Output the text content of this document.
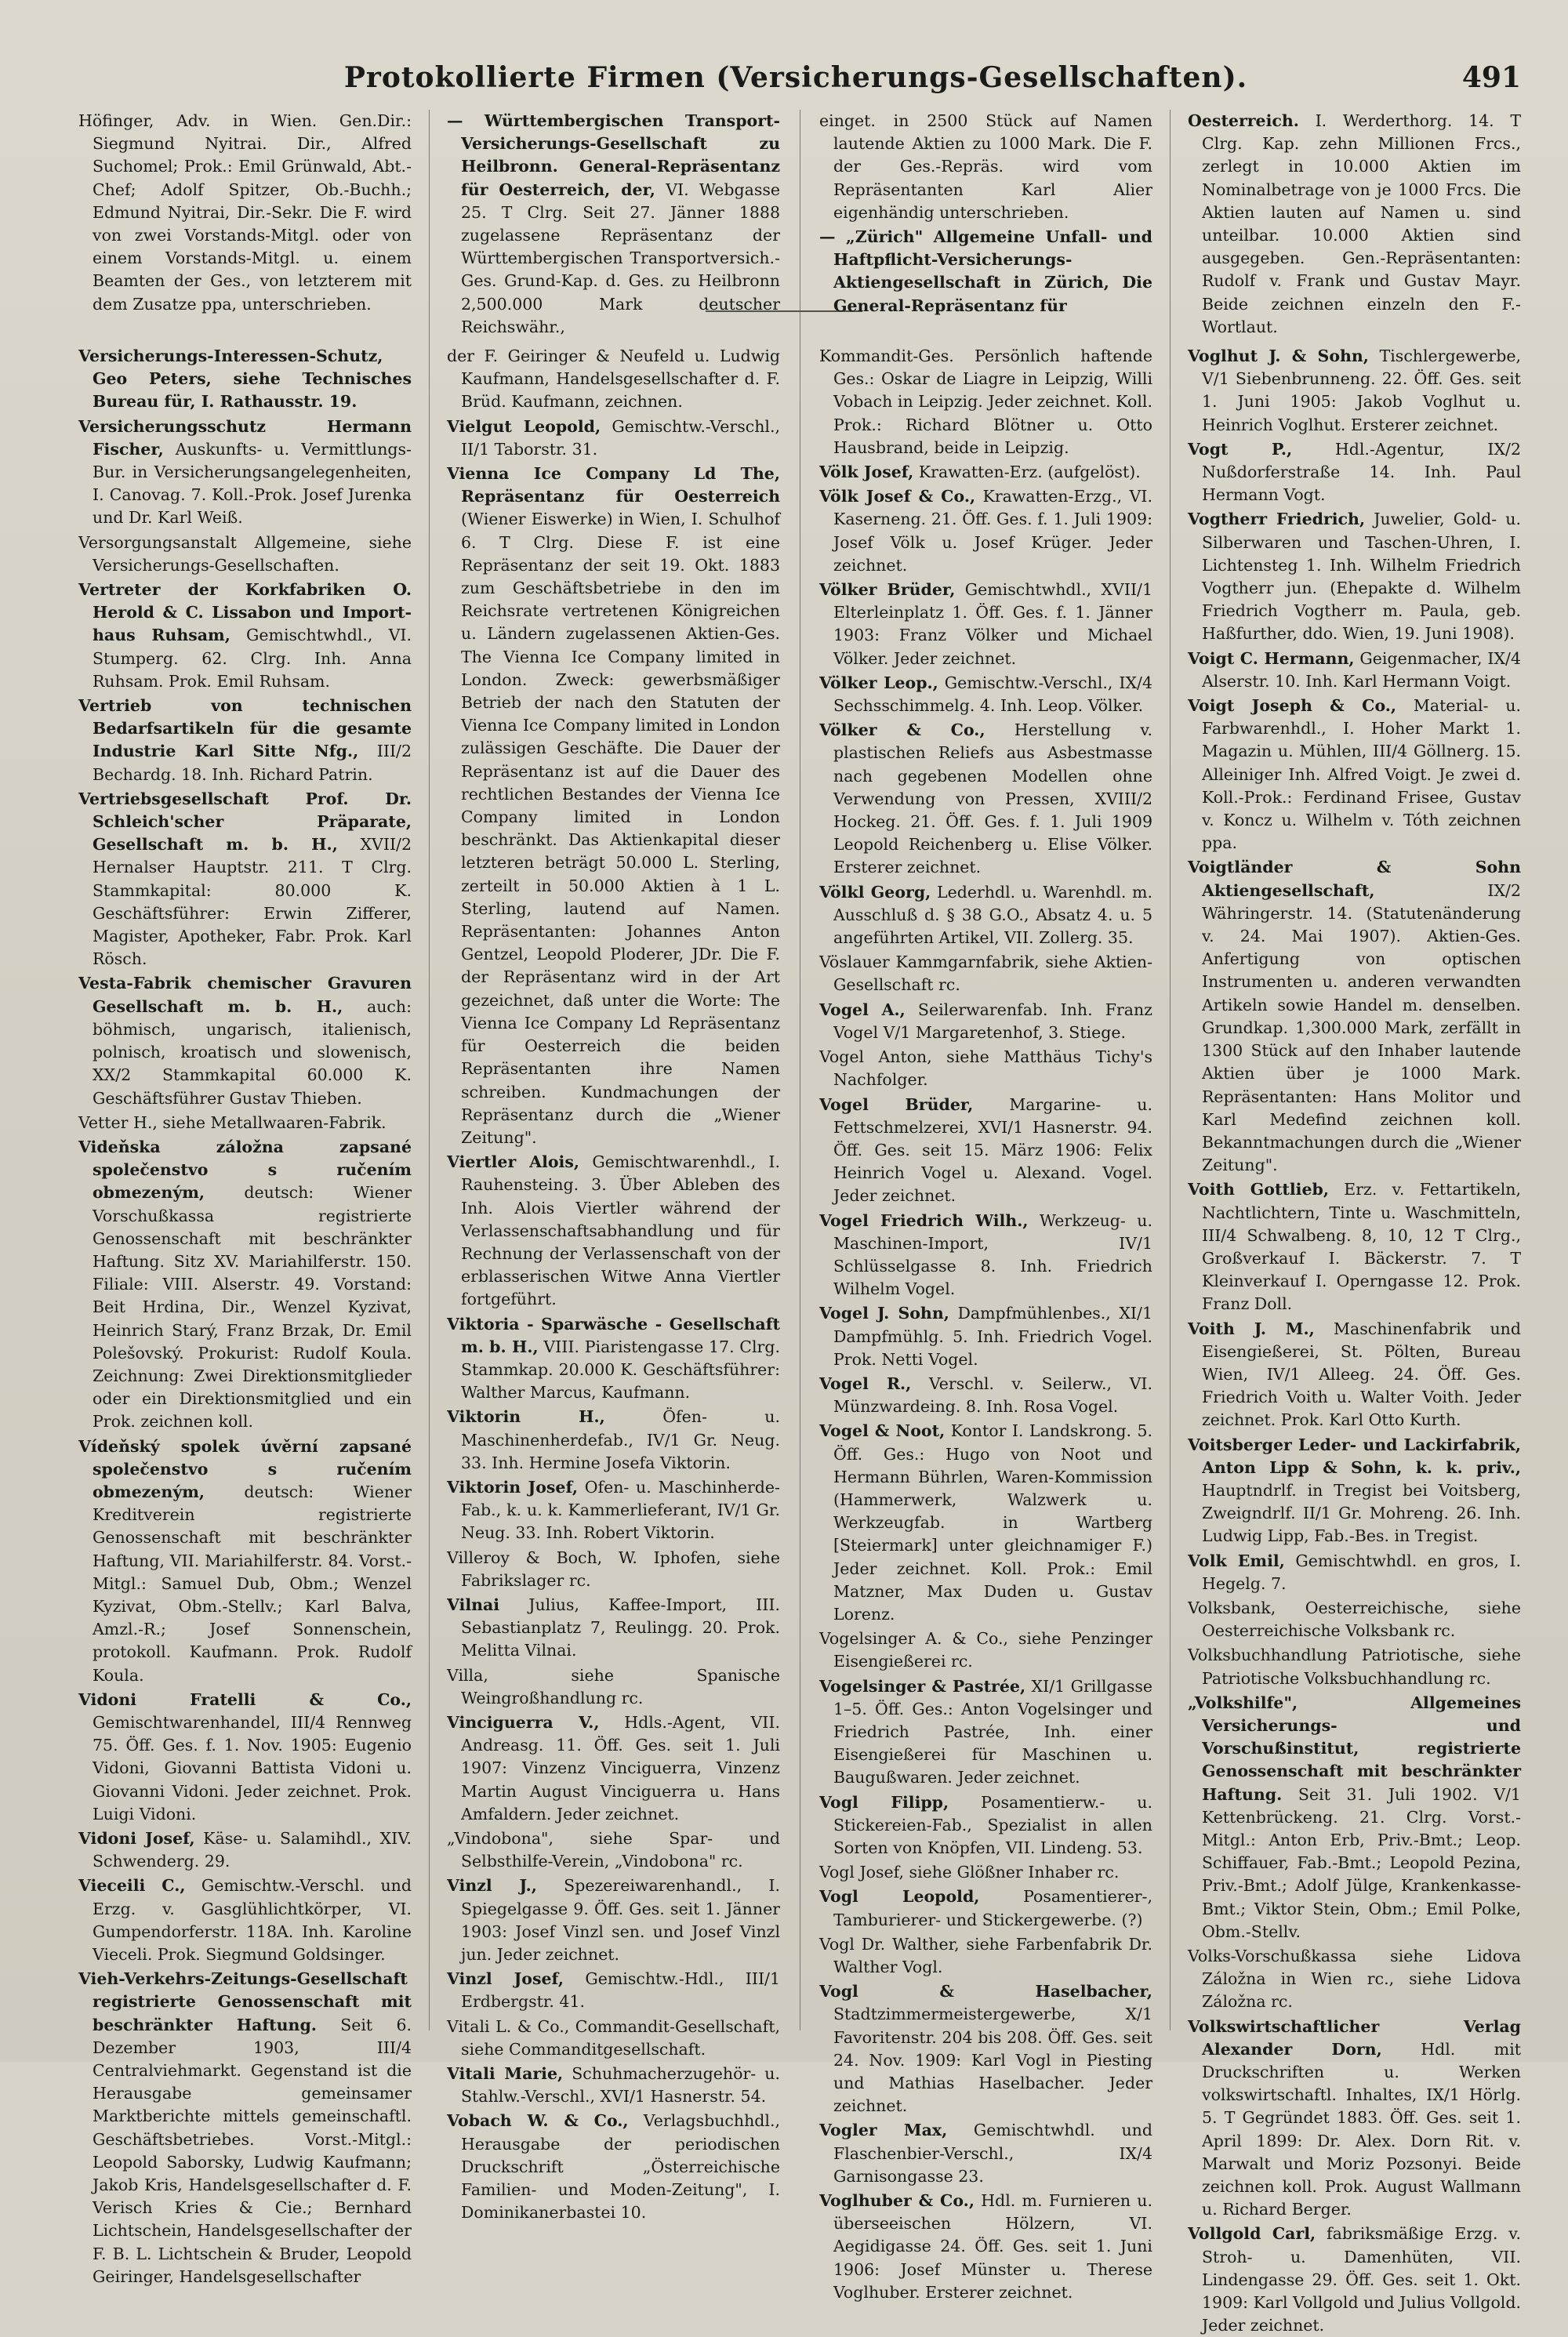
Protokollierte Firmen (Versicherungs-Gesellschaften).	491

Höfinger, Adv. in Wien. Gen.Dir.: Siegmund Nyitrai. Dir., Alfred Suchomel; Prok.: Emil Grünwald, Abt.-Chef; Adolf Spitzer, Ob.-Buchh.; Edmund Nyitrai, Dir.-Sekr. Die F. wird von zwei Vorstands-Mitgl. oder von einem Vorstands-Mitgl. u. einem Beamten der Ges., von letzterem mit dem Zusatze ppa, unterschrieben.

— Württembergischen Transport-Versicherungs-Gesellschaft zu Heilbronn. General-Repräsentanz für Oesterreich, der, VI. Webgasse 25. T Clrg. Seit 27. Jänner 1888 zugelassene Repräsentanz der Württembergischen Transportversich.-Ges. Grund-Kap. d. Ges. zu Heilbronn 2,500.000 Mark deutscher Reichswähr.,

einget. in 2500 Stück auf Namen lautende Aktien zu 1000 Mark. Die F. der Ges.-Repräs. wird vom Repräsentanten Karl Alier eigenhändig unterschrieben.

— „Zürich" Allgemeine Unfall- und Haftpflicht-Versicherungs-Aktiengesellschaft in Zürich, Die General-Repräsentanz für

Oesterreich. I. Werderthorg. 14. T Clrg. Kap. zehn Millionen Frcs., zerlegt in 10.000 Aktien im Nominalbetrage von je 1000 Frcs. Die Aktien lauten auf Namen u. sind unteilbar. 10.000 Aktien sind ausgegeben. Gen.-Repräsentanten: Rudolf v. Frank und Gustav Mayr. Beide zeichnen einzeln den F.-Wortlaut.

Versicherungs-Interessen-Schutz, Geo Peters, siehe Technisches Bureau für, I. Rathausstr. 19.

Versicherungsschutz Hermann Fischer, Auskunfts- u. Vermittlungs-Bur. in Versicherungsangelegenheiten, I. Canovag. 7. Koll.-Prok. Josef Jurenka und Dr. Karl Weiß.

Versorgungsanstalt Allgemeine, siehe Versicherungs-Gesellschaften.

Vertreter der Korkfabriken O. Herold & C. Lissabon und Import-haus Ruhsam, Gemischtwhdl., VI. Stumperg. 62. Clrg. Inh. Anna Ruhsam. Prok. Emil Ruhsam.

Vertrieb von technischen Bedarfsartikeln für die gesamte Industrie Karl Sitte Nfg., III/2 Bechardg. 18. Inh. Richard Patrin.

Vertriebsgesellschaft Prof. Dr. Schleich'scher Präparate, Gesellschaft m. b. H., XVII/2 Hernalser Hauptstr. 211. T Clrg. Stammkapital: 80.000 K. Geschäftsführer: Erwin Zifferer, Magister, Apotheker, Fabr. Prok. Karl Rösch.

Vesta-Fabrik chemischer Gravuren Gesellschaft m. b. H., auch: böhmisch, ungarisch, italienisch, polnisch, kroatisch und slowenisch, XX/2 Stammkapital 60.000 K. Geschäftsführer Gustav Thieben.

Vetter H., siehe Metallwaaren-Fabrik.

Videňska záložna zapsané společenstvo s ručením obmezeným, deutsch: Wiener Vorschußkassa registrierte Genossenschaft mit beschränkter Haftung. Sitz XV. Mariahilferstr. 150. Filiale: VIII. Alserstr. 49. Vorstand: Beit Hrdina, Dir., Wenzel Kyzivat, Heinrich Starý, Franz Brzak, Dr. Emil Polešovský. Prokurist: Rudolf Koula. Zeichnung: Zwei Direktionsmitglieder oder ein Direktionsmitglied und ein Prok. zeichnen koll.

Vídeňský spolek úvěrní zapsané společenstvo s ručením obmezeným, deutsch: Wiener Kreditverein registrierte Genossenschaft mit beschränkter Haftung, VII. Mariahilferstr. 84. Vorst.-Mitgl.: Samuel Dub, Obm.; Wenzel Kyzivat, Obm.-Stellv.; Karl Balva, Amzl.-R.; Josef Sonnenschein, protokoll. Kaufmann. Prok. Rudolf Koula.

Vidoni Fratelli & Co., Gemischtwarenhandel, III/4 Rennweg 75. Öff. Ges. f. 1. Nov. 1905: Eugenio Vidoni, Giovanni Battista Vidoni u. Giovanni Vidoni. Jeder zeichnet. Prok. Luigi Vidoni.

Vidoni Josef, Käse- u. Salamihdl., XIV. Schwenderg. 29.

Vieceili C., Gemischtw.-Verschl. und Erzg. v. Gasglühlichtkörper, VI. Gumpendorferstr. 118A. Inh. Karoline Vieceli. Prok. Siegmund Goldsinger.

Vieh-Verkehrs-Zeitungs-Gesellschaft registrierte Genossenschaft mit beschränkter Haftung. Seit 6. Dezember 1903, III/4 Centralviehmarkt. Gegenstand ist die Herausgabe gemeinsamer Marktberichte mittels gemeinschaftl. Geschäftsbetriebes. Vorst.-Mitgl.: Leopold Saborsky, Ludwig Kaufmann; Jakob Kris, Handelsgesellschafter d. F. Verisch Kries & Cie.; Bernhard Lichtschein, Handelsgesellschafter der F. B. L. Lichtschein & Bruder, Leopold Geiringer, Handelsgesellschafter

der F. Geiringer & Neufeld u. Ludwig Kaufmann, Handelsgesellschafter d. F. Brüd. Kaufmann, zeichnen.

Vielgut Leopold, Gemischtw.-Verschl., II/1 Taborstr. 31.

Vienna Ice Company Ld The, Repräsentanz für Oesterreich (Wiener Eiswerke) in Wien, I. Schulhof 6. T Clrg. Diese F. ist eine Repräsentanz der seit 19. Okt. 1883 zum Geschäftsbetriebe in den im Reichsrate vertretenen Königreichen u. Ländern zugelassenen Aktien-Ges. The Vienna Ice Company limited in London. Zweck: gewerbsmäßiger Betrieb der nach den Statuten der Vienna Ice Company limited in London zulässigen Geschäfte. Die Dauer der Repräsentanz ist auf die Dauer des rechtlichen Bestandes der Vienna Ice Company limited in London beschränkt. Das Aktienkapital dieser letzteren beträgt 50.000 L. Sterling, zerteilt in 50.000 Aktien à 1 L. Sterling, lautend auf Namen. Repräsentanten: Johannes Anton Gentzel, Leopold Ploderer, JDr. Die F. der Repräsentanz wird in der Art gezeichnet, daß unter die Worte: The Vienna Ice Company Ld Repräsentanz für Oesterreich die beiden Repräsentanten ihre Namen schreiben. Kundmachungen der Repräsentanz durch die „Wiener Zeitung".

Viertler Alois, Gemischtwarenhdl., I. Rauhensteing. 3. Über Ableben des Inh. Alois Viertler während der Verlassenschaftsabhandlung und für Rechnung der Verlassenschaft von der erblasserischen Witwe Anna Viertler fortgeführt.

Viktoria - Sparwäsche - Gesellschaft m. b. H., VIII. Piaristengasse 17. Clrg. Stammkap. 20.000 K. Geschäftsführer: Walther Marcus, Kaufmann.

Viktorin H.,	Öfen- u. Maschinenherdefab., IV/1 Gr. Neug. 33. Inh. Hermine Josefa Viktorin.

Viktorin Josef, Ofen- u. Maschinherde-Fab., k. u. k. Kammerlieferant, IV/1 Gr. Neug. 33. Inh. Robert Viktorin.

Villeroy & Boch, W. Iphofen, siehe Fabrikslager rc.

Vilnai Julius, Kaffee-Import, III. Sebastianplatz 7, Reulingg. 20. Prok. Melitta Vilnai.

Villa, siehe Spanische Weingroßhandlung rc.

Vinciguerra V., Hdls.-Agent, VII. Andreasg. 11. Öff. Ges. seit 1. Juli 1907: Vinzenz Vinciguerra, Vinzenz Martin August Vinciguerra u. Hans Amfaldern. Jeder zeichnet.

„Vindobona", siehe Spar- und Selbsthilfe-Verein, „Vindobona" rc.

Vinzl J., Spezereiwarenhandl., I. Spiegelgasse 9. Öff. Ges. seit 1. Jänner 1903: Josef Vinzl sen. und Josef Vinzl jun. Jeder zeichnet.

Vinzl Josef, Gemischtw.-Hdl., III/1 Erdbergstr. 41.

Vitali L. & Co., Commandit-Gesellschaft, siehe Commanditgesellschaft.

Vitali Marie, Schuhmacherzugehör- u. Stahlw.-Verschl., XVI/1 Hasnerstr. 54.

Vobach W. & Co., Verlagsbuchhdl., Herausgabe der periodischen Druckschrift „Österreichische Familien- und Moden-Zeitung", I. Dominikanerbastei 10.

Kommandit-Ges. Persönlich haftende Ges.: Oskar de Liagre in Leipzig, Willi Vobach in Leipzig. Jeder zeichnet. Koll. Prok.: Richard Blötner u. Otto Hausbrand, beide in Leipzig.

Völk Josef, Krawatten-Erz. (aufgelöst).

Völk Josef & Co., Krawatten-Erzg., VI. Kaserneng. 21. Öff. Ges. f. 1. Juli 1909: Josef Völk u. Josef Krüger. Jeder zeichnet.

Völker Brüder, Gemischtwhdl., XVII/1 Elterleinplatz 1. Öff. Ges. f. 1. Jänner 1903: Franz Völker und Michael Völker. Jeder zeichnet.

Völker Leop., Gemischtw.-Verschl., IX/4 Sechsschimmelg. 4. Inh. Leop. Völker.

Völker & Co., Herstellung v. plastischen Reliefs aus Asbestmasse nach gegebenen Modellen ohne Verwendung von Pressen, XVIII/2 Hockeg. 21. Öff. Ges. f. 1. Juli 1909 Leopold Reichenberg u. Elise Völker. Ersterer zeichnet.

Völkl Georg, Lederhdl. u. Warenhdl. m. Ausschluß d. § 38 G.O., Absatz 4. u. 5 angeführten Artikel, VII. Zollerg. 35.

Vöslauer Kammgarnfabrik, siehe Aktien-Gesellschaft rc.

Vogel A., Seilerwarenfab. Inh. Franz Vogel V/1 Margaretenhof, 3. Stiege.

Vogel Anton, siehe Matthäus Tichy's Nachfolger.

Vogel Brüder, Margarine- u. Fettschmelzerei, XVI/1 Hasnerstr. 94. Öff. Ges. seit 15. März 1906: Felix Heinrich Vogel u. Alexand. Vogel. Jeder zeichnet.

Vogel Friedrich Wilh., Werkzeug- u. Maschinen-Import, IV/1 Schlüsselgasse 8. Inh. Friedrich Wilhelm Vogel.

Vogel J. Sohn, Dampfmühlenbes., XI/1 Dampfmühlg. 5. Inh. Friedrich Vogel. Prok. Netti Vogel.

Vogel R., Verschl. v. Seilerw., VI. Münzwardeing. 8. Inh. Rosa Vogel.

Vogel & Noot, Kontor I. Landskrong. 5. Öff. Ges.: Hugo von Noot und Hermann Bührlen, Waren-Kommission (Hammerwerk, Walzwerk u. Werkzeugfab. in Wartberg [Steiermark] unter gleichnamiger F.) Jeder zeichnet. Koll. Prok.: Emil Matzner, Max Duden u. Gustav Lorenz.

Vogelsinger A. & Co., siehe Penzinger Eisengießerei rc.

Vogelsinger & Pastrée, XI/1 Grillgasse 1–5. Öff. Ges.: Anton Vogelsinger und Friedrich Pastrée, Inh. einer Eisengießerei für Maschinen u. Baugußwaren. Jeder zeichnet.

Vogl Filipp, Posamentierw.- u. Stickereien-Fab., Spezialist in allen Sorten von Knöpfen, VII. Lindeng. 53.

Vogl Josef, siehe Glößner Inhaber rc.

Vogl Leopold,	Posamentierer-, Tamburierer- und Stickergewerbe. (?)

Vogl Dr. Walther, siehe Farbenfabrik Dr. Walther Vogl.

Vogl & Haselbacher, Stadtzimmermeistergewerbe, X/1 Favoritenstr. 204 bis 208. Öff. Ges. seit 24. Nov. 1909: Karl Vogl in Piesting und Mathias Haselbacher. Jeder zeichnet.

Vogler Max, Gemischtwhdl. und Flaschenbier-Verschl., IX/4 Garnisongasse 23.

Voglhuber & Co., Hdl. m. Furnieren u. überseeischen Hölzern, VI. Aegidigasse 24. Öff. Ges. seit 1. Juni 1906: Josef Münster u. Therese Voglhuber. Ersterer zeichnet.

Voglhut J. & Sohn, Tischlergewerbe, V/1 Siebenbrunneng. 22. Öff. Ges. seit 1. Juni 1905: Jakob Voglhut u. Heinrich Voglhut. Ersterer zeichnet.

Vogt P.,	Hdl.-Agentur, IX/2 Nußdorferstraße 14. Inh. Paul Hermann Vogt.

Vogtherr Friedrich, Juwelier, Gold- u. Silberwaren und Taschen-Uhren, I. Lichtensteg 1. Inh. Wilhelm Friedrich Vogtherr jun. (Ehepakte d. Wilhelm Friedrich Vogtherr m. Paula, geb. Haßfurther, ddo. Wien, 19. Juni 1908).

Voigt C. Hermann, Geigenmacher, IX/4 Alserstr. 10. Inh. Karl Hermann Voigt.

Voigt Joseph & Co., Material- u. Farbwarenhdl., I. Hoher Markt 1. Magazin u. Mühlen, III/4 Göllnerg. 15. Alleiniger Inh. Alfred Voigt. Je zwei d. Koll.-Prok.: Ferdinand Frisee, Gustav v. Koncz u. Wilhelm v. Tóth zeichnen ppa.

Voigtländer & Sohn Aktiengesellschaft,	IX/2 Währingerstr. 14. (Statutenänderung v. 24. Mai 1907). Aktien-Ges. Anfertigung von optischen Instrumenten u. anderen verwandten Artikeln sowie Handel m. denselben. Grundkap. 1,300.000 Mark, zerfällt in 1300 Stück auf den Inhaber lautende Aktien über je 1000 Mark. Repräsentanten: Hans Molitor und Karl Medefind zeichnen koll. Bekanntmachungen durch die „Wiener Zeitung".

Voith Gottlieb, Erz. v. Fettartikeln, Nachtlichtern, Tinte u. Waschmitteln, III/4 Schwalbeng. 8, 10, 12 T Clrg., Großverkauf I. Bäckerstr. 7. T Kleinverkauf I. Operngasse 12. Prok. Franz Doll.

Voith J. M., Maschinenfabrik und Eisengießerei, St. Pölten, Bureau Wien, IV/1 Alleeg. 24. Öff. Ges. Friedrich Voith u. Walter Voith. Jeder zeichnet. Prok. Karl Otto Kurth.

Voitsberger Leder- und Lackirfabrik, Anton Lipp & Sohn, k. k. priv., Hauptndrlf. in Tregist bei Voitsberg, Zweigndrlf. II/1 Gr. Mohreng. 26. Inh. Ludwig Lipp, Fab.-Bes. in Tregist.

Volk Emil, Gemischtwhdl. en gros, I. Hegelg. 7.

Volksbank, Oesterreichische, siehe Oesterreichische Volksbank rc.

Volksbuchhandlung Patriotische, siehe Patriotische Volksbuchhandlung rc.

„Volkshilfe", Allgemeines Versicherungs- und Vorschußinstitut, registrierte Genossenschaft mit beschränkter Haftung. Seit 31. Juli 1902. V/1 Kettenbrückeng. 21. Clrg. Vorst.-Mitgl.: Anton Erb, Priv.-Bmt.; Leop. Schiffauer, Fab.-Bmt.; Leopold Pezina, Priv.-Bmt.; Adolf Jülge, Krankenkasse-Bmt.; Viktor Stein, Obm.; Emil Polke, Obm.-Stellv.

Volks-Vorschußkassa siehe Lidova Záložna in Wien rc., siehe Lidova Záložna rc.

Volkswirtschaftlicher Verlag Alexander Dorn, Hdl. mit Druckschriften u. Werken volkswirtschaftl. Inhaltes, IX/1 Hörlg. 5. T Gegründet 1883. Öff. Ges. seit 1. April 1899: Dr. Alex. Dorn Rit. v. Marwalt und Moriz Pozsonyi. Beide zeichnen koll. Prok. August Wallmann u. Richard Berger.

Vollgold Carl, fabriksmäßige Erzg. v. Stroh- u. Damenhüten, VII. Lindengasse 29. Öff. Ges. seit 1. Okt. 1909: Karl Vollgold und Julius Vollgold. Jeder zeichnet.
